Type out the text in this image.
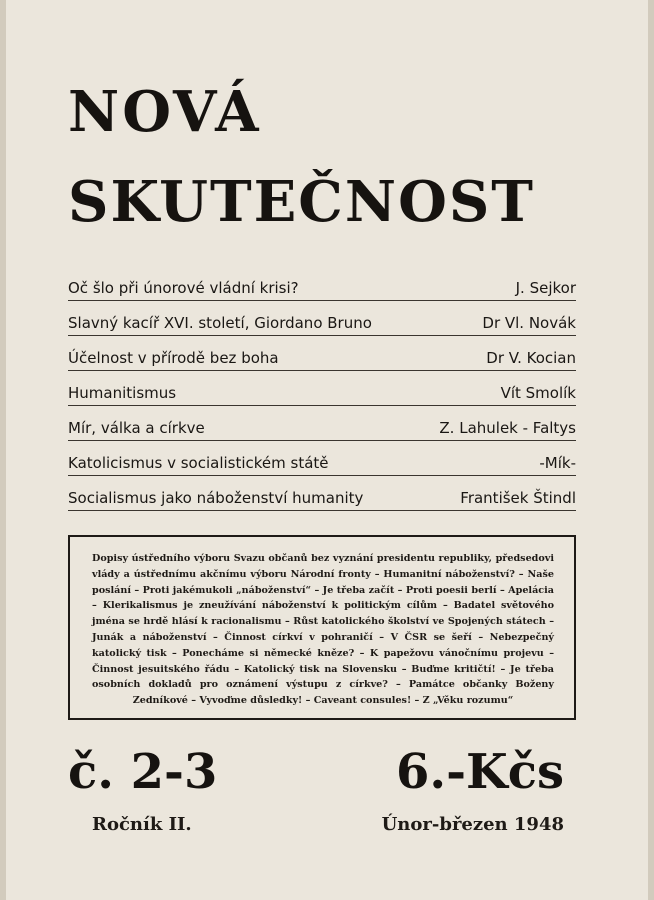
NOVÁ
SKUTEČNOST
Oč šlo při únorové vládní krisi?	J. Sejkor
Slavný kacíř XVI. století, Giordano Bruno	Dr Vl. Novák
Účelnost v přírodě bez boha	Dr V. Kocian
Humanitismus	Vít Smolík
Mír, válka a církve	Z. Lahulek - Faltys
Katolicismus v socialistickém státě	-Mík-
Socialismus jako náboženství humanity	František Štindl
Dopisy ústředního výboru Svazu občanů bez vyznání presidentu republiky, předsedovi vlády a ústřednímu akčnímu výboru Národní fronty – Humanitní náboženství? – Naše poslání – Proti jakémukoli „náboženství“ – Je třeba začít – Proti poesii berlí – Apelácia – Klerikalismus je zneužívání náboženství k politickým cílům – Badatel světového jména se hrdě hlásí k racionalismu – Růst katolického školství ve Spojených státech – Junák a náboženství – Činnost církví v pohraničí – V ČSR se šeří – Nebezpečný katolický tisk – Ponecháme si německé kněze? – K papežovu vánočnímu projevu – Činnost jesuitského řádu – Katolický tisk na Slovensku – Buďme kritičtí! – Je třeba osobních dokladů pro oznámení výstupu z církve? – Památce občanky Boženy Zedníkové – Vyvoďme důsledky! – Caveant consules! – Z „Věku rozumu“
č. 2-3	6.-Kčs
Ročník II.	Únor-březen 1948
